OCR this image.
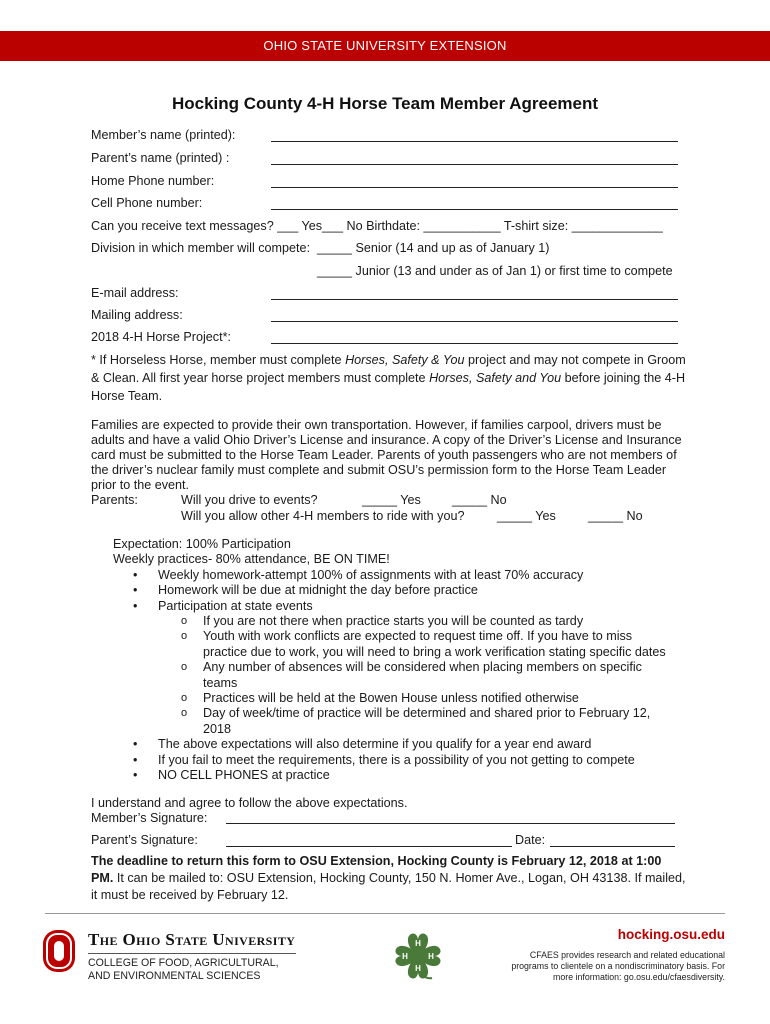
OHIO STATE UNIVERSITY EXTENSION
Hocking County 4-H Horse Team Member Agreement
Member’s name (printed):
Parent’s name (printed) :
Home Phone number:
Cell Phone number:
Can you receive text messages? ___ Yes___ No Birthdate: ___________ T-shirt size: _____________
Division in which member will compete: _____ Senior (14 and up as of January 1)
_____ Junior (13 and under as of Jan 1) or first time to compete
E-mail address:
Mailing address:
2018 4-H Horse Project*:
* If Horseless Horse, member must complete Horses, Safety & You project and may not compete in Groom & Clean. All first year horse project members must complete Horses, Safety and You before joining the 4-H Horse Team.
Families are expected to provide their own transportation. However, if families carpool, drivers must be adults and have a valid Ohio Driver’s License and insurance. A copy of the Driver’s License and Insurance card must be submitted to the Horse Team Leader. Parents of youth passengers who are not members of the driver’s nuclear family must complete and submit OSU’s permission form to the Horse Team Leader prior to the event.
Parents:	Will you drive to events?	_____ Yes _____ No
Will you allow other 4-H members to ride with you?	_____ Yes	_____ No
Expectation: 100% Participation
Weekly practices- 80% attendance, BE ON TIME!
• Weekly homework-attempt 100% of assignments with at least 70% accuracy
• Homework will be due at midnight the day before practice
• Participation at state events
o If you are not there when practice starts you will be counted as tardy
o Youth with work conflicts are expected to request time off. If you have to miss practice due to work, you will need to bring a work verification stating specific dates
o Any number of absences will be considered when placing members on specific teams
o Practices will be held at the Bowen House unless notified otherwise
o Day of week/time of practice will be determined and shared prior to February 12, 2018
• The above expectations will also determine if you qualify for a year end award
• If you fail to meet the requirements, there is a possibility of you not getting to compete
• NO CELL PHONES at practice
I understand and agree to follow the above expectations.
Member’s Signature:
Parent’s Signature:	Date:
The deadline to return this form to OSU Extension, Hocking County is February 12, 2018 at 1:00 PM. It can be mailed to: OSU Extension, Hocking County, 150 N. Homer Ave., Logan, OH 43138. If mailed, it must be received by February 12.
The Ohio State University
COLLEGE OF FOOD, AGRICULTURAL,
AND ENVIRONMENTAL SCIENCES
H
H
H	H
hocking.osu.edu
CFAES provides research and related educational programs to clientele on a nondiscriminatory basis. For more information: go.osu.edu/cfaesdiversity.
